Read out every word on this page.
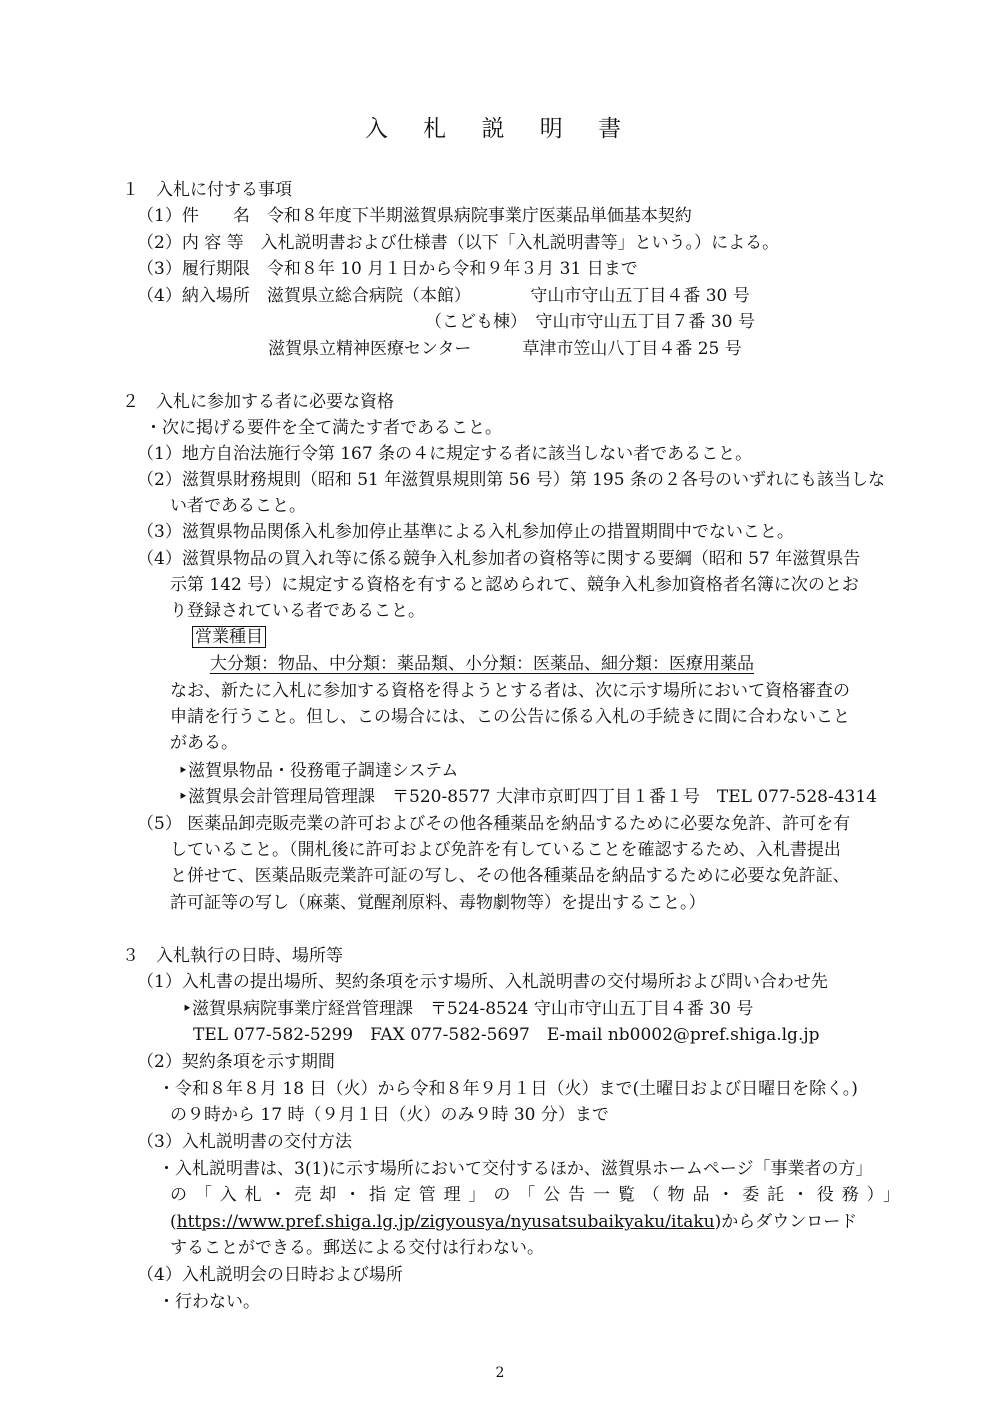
入 札 説 明 書
１　入札に付する事項
（1）件　　名　令和８年度下半期滋賀県病院事業庁医薬品単価基本契約
（2）内 容 等　入札説明書および仕様書（以下「入札説明書等」という。）による。
（3）履行期限　令和８年 10 月１日から令和９年３月 31 日まで
（4）納入場所　滋賀県立総合病院（本館）　　　　守山市守山五丁目４番 30 号
（こども棟）　守山市守山五丁目７番 30 号
滋賀県立精神医療センター　　　草津市笠山八丁目４番 25 号
２　入札に参加する者に必要な資格
・次に掲げる要件を全て満たす者であること。
（1）地方自治法施行令第 167 条の４に規定する者に該当しない者であること。
（2）滋賀県財務規則（昭和 51 年滋賀県規則第 56 号）第 195 条の２各号のいずれにも該当しな
い者であること。
（3）滋賀県物品関係入札参加停止基準による入札参加停止の措置期間中でないこと。
（4）滋賀県物品の買入れ等に係る競争入札参加者の資格等に関する要綱（昭和 57 年滋賀県告
示第 142 号）に規定する資格を有すると認められて、競争入札参加資格者名簿に次のとお
り登録されている者であること。
営業種目
大分類：物品、中分類：薬品類、小分類：医薬品、細分類：医療用薬品
なお、新たに入札に参加する資格を得ようとする者は、次に示す場所において資格審査の
申請を行うこと。但し、この場合には、この公告に係る入札の手続きに間に合わないこと
がある。
‣滋賀県物品・役務電子調達システム
‣滋賀県会計管理局管理課　〒520-8577 大津市京町四丁目１番１号　TEL 077-528-4314
（5） 医薬品卸売販売業の許可およびその他各種薬品を納品するために必要な免許、許可を有
していること。（開札後に許可および免許を有していることを確認するため、入札書提出
と併せて、医薬品販売業許可証の写し、その他各種薬品を納品するために必要な免許証、
許可証等の写し（麻薬、覚醒剤原料、毒物劇物等）を提出すること。）
３　入札執行の日時、場所等
（1）入札書の提出場所、契約条項を示す場所、入札説明書の交付場所および問い合わせ先
‣滋賀県病院事業庁経営管理課　〒524-8524 守山市守山五丁目４番 30 号
TEL 077-582-5299　FAX 077-582-5697　E-mail nb0002@pref.shiga.lg.jp
（2）契約条項を示す期間
・令和８年８月 18 日（火）から令和８年９月１日（火）まで(土曜日および日曜日を除く。)
の９時から 17 時（９月１日（火）のみ９時 30 分）まで
（3）入札説明書の交付方法
・入札説明書は、3(1)に示す場所において交付するほか、滋賀県ホームページ「事業者の方」
の「入札・売却・指定管理」の「公告一覧（物品・委託・役務）」
(https://www.pref.shiga.lg.jp/zigyousya/nyusatsubaikyaku/itaku)からダウンロード
することができる。郵送による交付は行わない。
（4）入札説明会の日時および場所
・行わない。
2
